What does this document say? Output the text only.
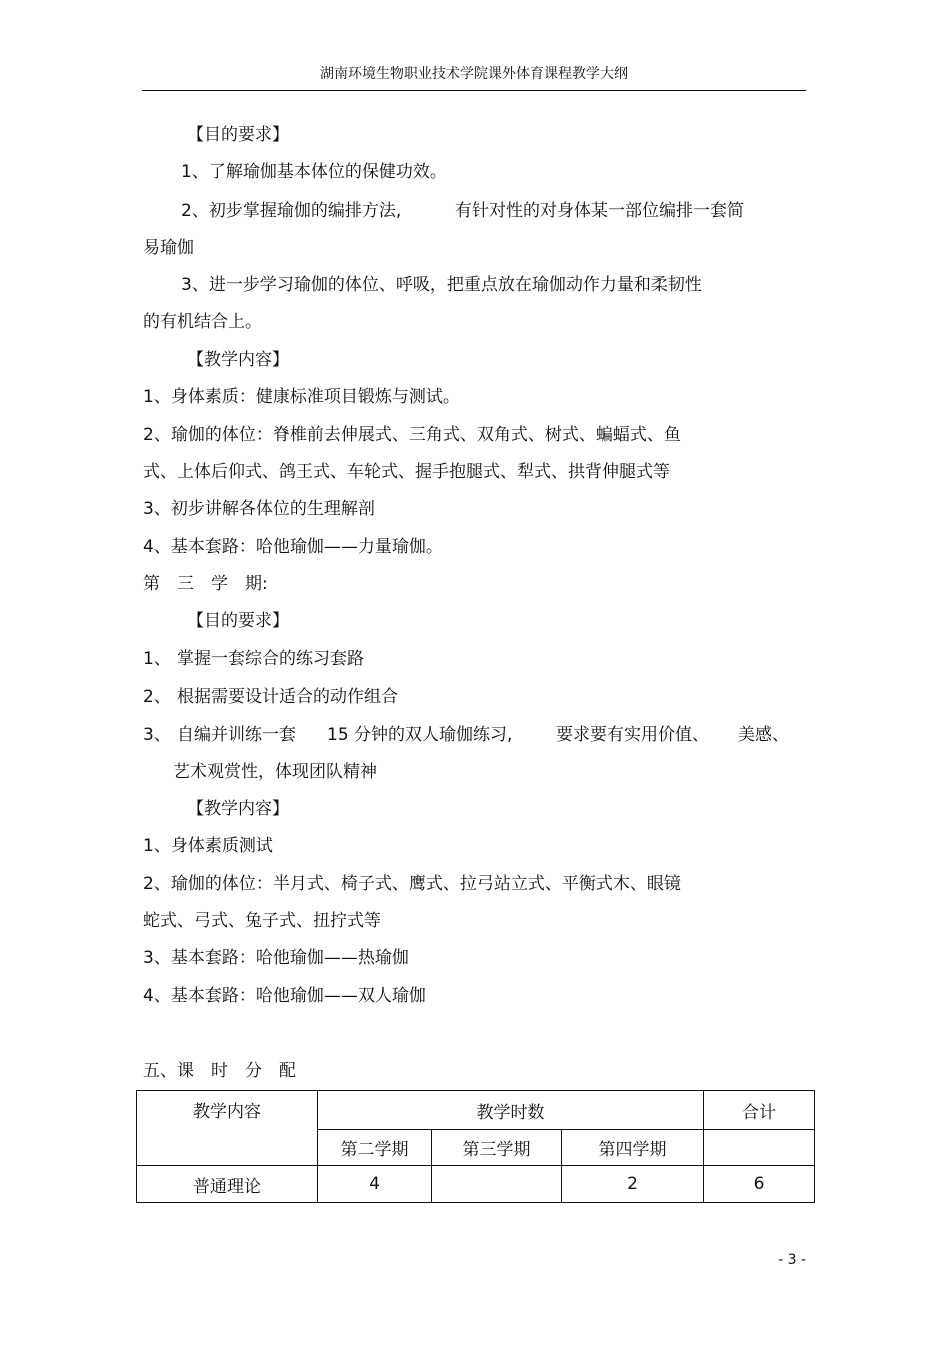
湖南环境生物职业技术学院课外体育课程教学大纲
【目的要求】
1、了解瑜伽基本体位的保健功效。
2、初步掌握瑜伽的编排方法,	有针对性的对身体某一部位编排一套简
易瑜伽
3、进一步学习瑜伽的体位、呼吸，把重点放在瑜伽动作力量和柔韧性
的有机结合上。
【教学内容】
1、身体素质：健康标准项目锻炼与测试。
2、瑜伽的体位：脊椎前去伸展式、三角式、双角式、树式、蝙蝠式、鱼
式、上体后仰式、鸽王式、车轮式、握手抱腿式、犁式、拱背伸腿式等
3、初步讲解各体位的生理解剖
4、基本套路：哈他瑜伽——力量瑜伽。
第　三　学　期:
【目的要求】
1、 掌握一套综合的练习套路
2、 根据需要设计适合的动作组合
3、 自编并训练一套 15 分钟的双人瑜伽练习,	要求要有实用价值、 美感、
艺术观赏性，体现团队精神
【教学内容】
1、身体素质测试
2、瑜伽的体位：半月式、椅子式、鹰式、拉弓站立式、平衡式木、眼镜
蛇式、弓式、兔子式、扭拧式等
3、基本套路：哈他瑜伽——热瑜伽
4、基本套路：哈他瑜伽——双人瑜伽
五、课　时　分　配
教学内容	教学时数			合计
	第二学期	第三学期	第四学期	
普通理论	4		2	6
- 3 -
